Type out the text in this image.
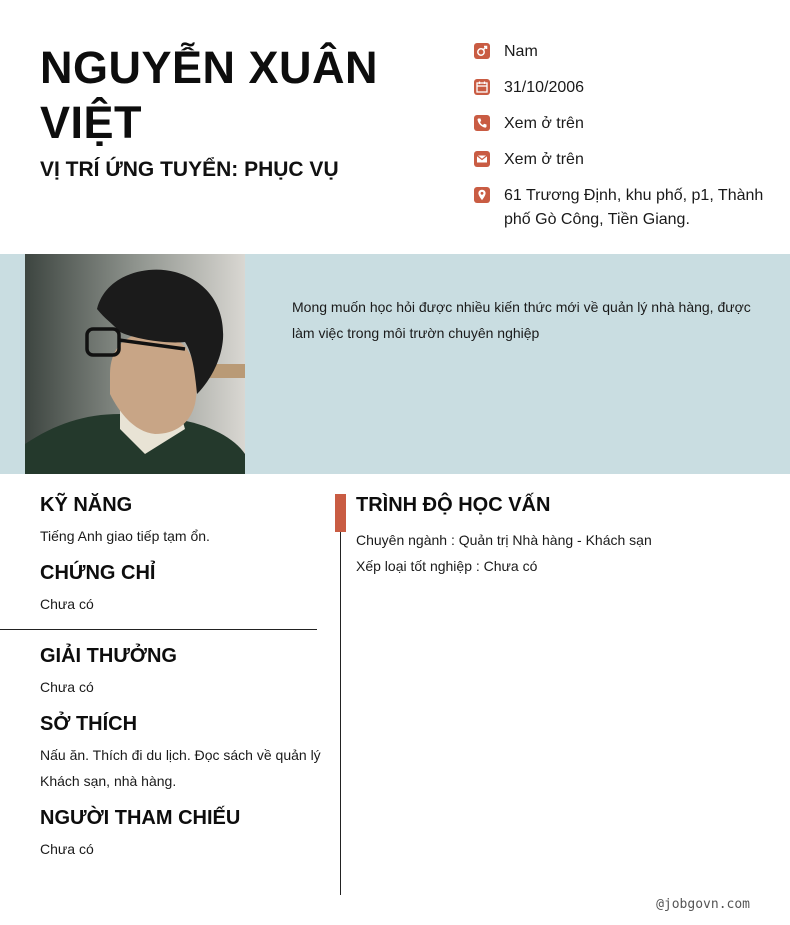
NGUYỄN XUÂN VIỆT
VỊ TRÍ ỨNG TUYỂN: PHỤC VỤ
Nam
31/10/2006
Xem ở trên
Xem ở trên
61 Trương Định, khu phố, p1, Thành phố Gò Công, Tiền Giang.
Mong muốn học hỏi được nhiều kiến thức mới về quản lý nhà hàng, được làm việc trong môi trườn chuyên nghiệp
KỸ NĂNG

Tiếng Anh giao tiếp tạm ổn.

CHỨNG CHỈ

Chưa có

GIẢI THƯỞNG

Chưa có

SỞ THÍCH

Nấu ăn. Thích đi du lịch. Đọc sách về quản lý Khách sạn, nhà hàng.

NGƯỜI THAM CHIẾU

Chưa có

TRÌNH ĐỘ HỌC VẤN

Chuyên ngành : Quản trị Nhà hàng - Khách sạn

Xếp loại tốt nghiệp : Chưa có

@jobgovn.com
